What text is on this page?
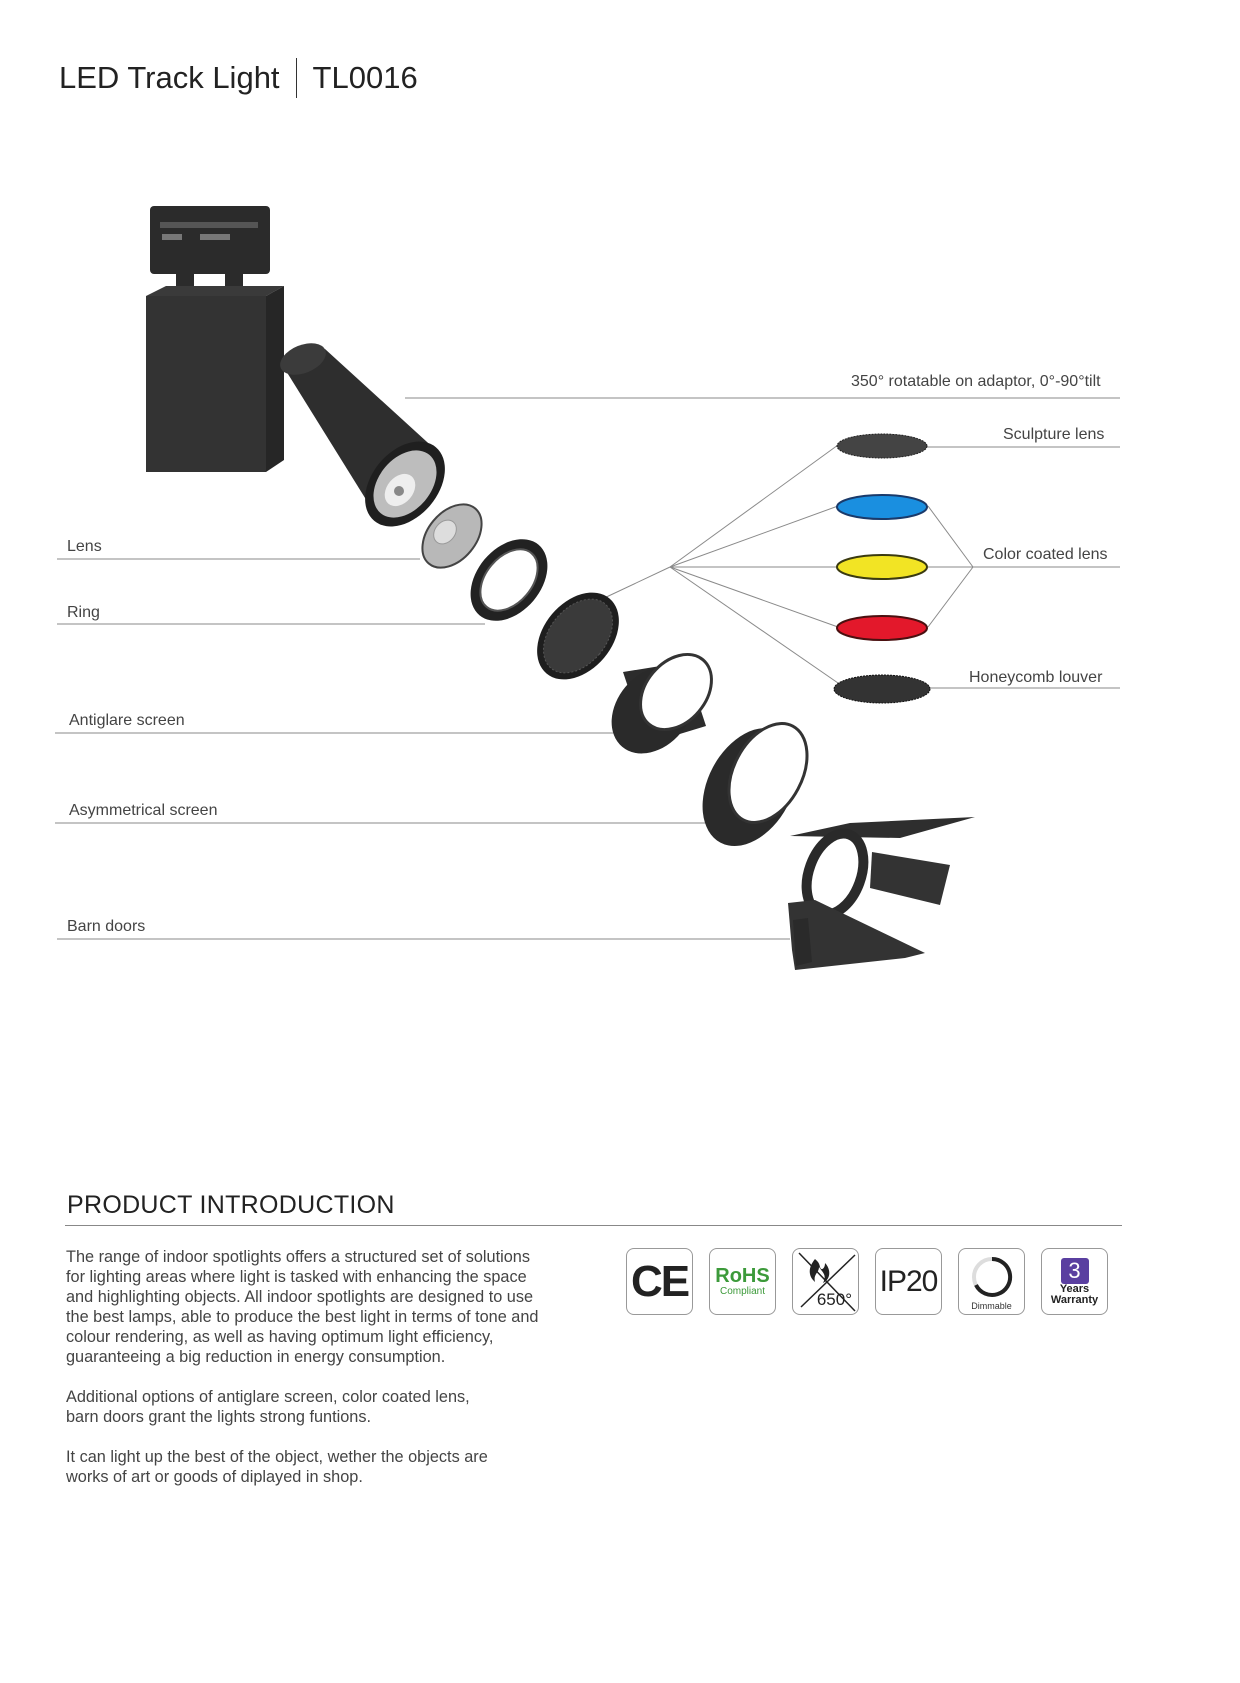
LED Track Light TL0016
350° rotatable on adaptor, 0°-90°tilt
Sculpture lens
Color coated lens
Honeycomb louver
Lens
Ring
Antiglare screen
Asymmetrical screen
Barn doors
PRODUCT INTRODUCTION

The range of indoor spotlights offers a structured set of solutions
for lighting areas where light is tasked with enhancing the space
and highlighting objects. All indoor spotlights are designed to use
the best lamps, able to produce the best light in terms of tone and
colour rendering, as well as having optimum light efficiency,
guaranteeing a big reduction in energy consumption.

Additional options of antiglare screen, color coated lens,
barn doors grant the lights strong funtions.

It can light up the best of the object, wether the objects are
works of art or goods of diplayed in shop.

CE RoHS
Compliant	650°
IP20
Dimmable
3
Years
Warranty
